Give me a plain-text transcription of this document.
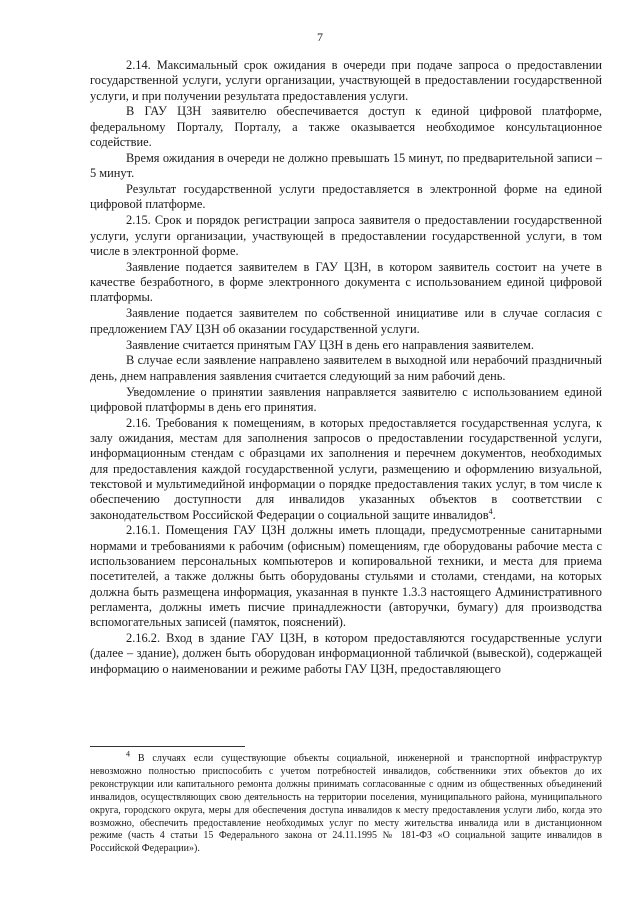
7

2.14. Максимальный срок ожидания в очереди при подаче запроса о предоставлении государственной услуги, услуги организации, участвующей в предоставлении государственной услуги, и при получении результата предоставления услуги.

В ГАУ ЦЗН заявителю обеспечивается доступ к единой цифровой платформе, федеральному Порталу, Порталу, а также оказывается необходимое консультационное содействие.

Время ожидания в очереди не должно превышать 15 минут, по предварительной записи – 5 минут.

Результат государственной услуги предоставляется в электронной форме на единой цифровой платформе.

2.15. Срок и порядок регистрации запроса заявителя о предоставлении государственной услуги, услуги организации, участвующей в предоставлении государственной услуги, в том числе в электронной форме.

Заявление подается заявителем в ГАУ ЦЗН, в котором заявитель состоит на учете в качестве безработного, в форме электронного документа с использованием единой цифровой платформы.

Заявление подается заявителем по собственной инициативе или в случае согласия с предложением ГАУ ЦЗН об оказании государственной услуги.

Заявление считается принятым ГАУ ЦЗН в день его направления заявителем.

В случае если заявление направлено заявителем в выходной или нерабочий праздничный день, днем направления заявления считается следующий за ним рабочий день.

Уведомление о принятии заявления направляется заявителю с использованием единой цифровой платформы в день его принятия.

2.16. Требования к помещениям, в которых предоставляется государственная услуга, к залу ожидания, местам для заполнения запросов о предоставлении государственной услуги, информационным стендам с образцами их заполнения и перечнем документов, необходимых для предоставления каждой государственной услуги, размещению и оформлению визуальной, текстовой и мультимедийной информации о порядке предоставления таких услуг, в том числе к обеспечению доступности для инвалидов указанных объектов в соответствии с законодательством Российской Федерации о социальной защите инвалидов$^4$.

2.16.1. Помещения ГАУ ЦЗН должны иметь площади, предусмотренные санитарными нормами и требованиями к рабочим (офисным) помещениям, где оборудованы рабочие места с использованием персональных компьютеров и копировальной техники, и места для приема посетителей, а также должны быть оборудованы стульями и столами, стендами, на которых должна быть размещена информация, указанная в пункте 1.3.3 настоящего Административного регламента, должны иметь писчие принадлежности (авторучки, бумагу) для производства вспомогательных записей (памяток, пояснений).

2.16.2. Вход в здание ГАУ ЦЗН, в котором предоставляются государственные услуги (далее – здание), должен быть оборудован информационной табличкой (вывеской), содержащей информацию о наименовании и режиме работы ГАУ ЦЗН, предоставляющего

$^4$ В случаях если существующие объекты социальной, инженерной и транспортной инфраструктур невозможно полностью приспособить с учетом потребностей инвалидов, собственники этих объектов до их реконструкции или капитального ремонта должны принимать согласованные с одним из общественных объединений инвалидов, осуществляющих свою деятельность на территории поселения, муниципального района, муниципального округа, городского округа, меры для обеспечения доступа инвалидов к месту предоставления услуги либо, когда это возможно, обеспечить предоставление необходимых услуг по месту жительства инвалида или в дистанционном режиме (часть 4 статьи 15 Федерального закона от 24.11.1995 № 181-ФЗ «О социальной защите инвалидов в Российской Федерации»).
